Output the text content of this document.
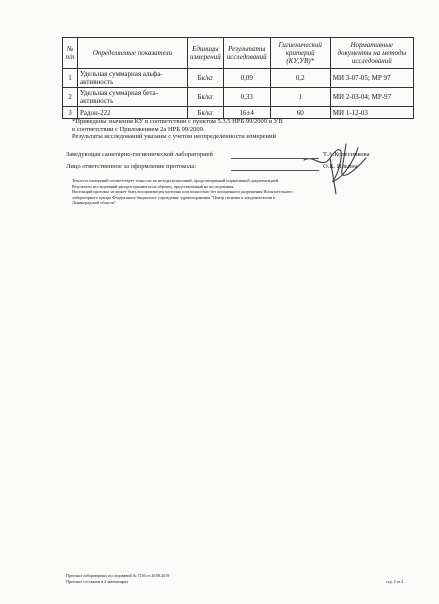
№ п/п	Определяемые показатели	Единицы измерений	Результаты исследований	Гигиенический критерий (КУ,УВ)*	Нормативные документы на методы исследований
1	Удельная суммарная альфа-активность	Бк/кг	0,09	0,2	МИ 3-07-05; МР 97
2	Удельная суммарная бета-активность	Бк/кг	0,33	1	МИ 2-03-04; МР-97
3	Радон-222	Бк/кг	16±4	60	МИ 1-12-03

*Приведены значения КУ в соответствии с пунктом 5.3.5 НРБ 99/2009 и УВ

в соответствии с Приложением 2а НРБ 99/2009.

Результаты исследований указаны с учетом неопределенности измерений

Заведующая санитарно-гигиенической лабораторией	Т.А.Колесникова
Лицо ответственное за оформление протокола:	О.К. Ильина

Точность измерений соответствует точности на методы испытаний, предусмотренной нормативной документацией.

Результаты исследований распространяются на образец, представленный на исследования.

Настоящий протокол не может быть воспроизведен частично или полностью без письменного разрешения Испытательного

лабораторного центра Федеральное бюджетное учреждение здравоохранения "Центр гигиены и эпидемиологии в

Ленинградской области"

Протокол лабораторных исследований № 7156 от 20.08.2019

Протокол составлен в 2 экземплярах	стр. 2 из 2
